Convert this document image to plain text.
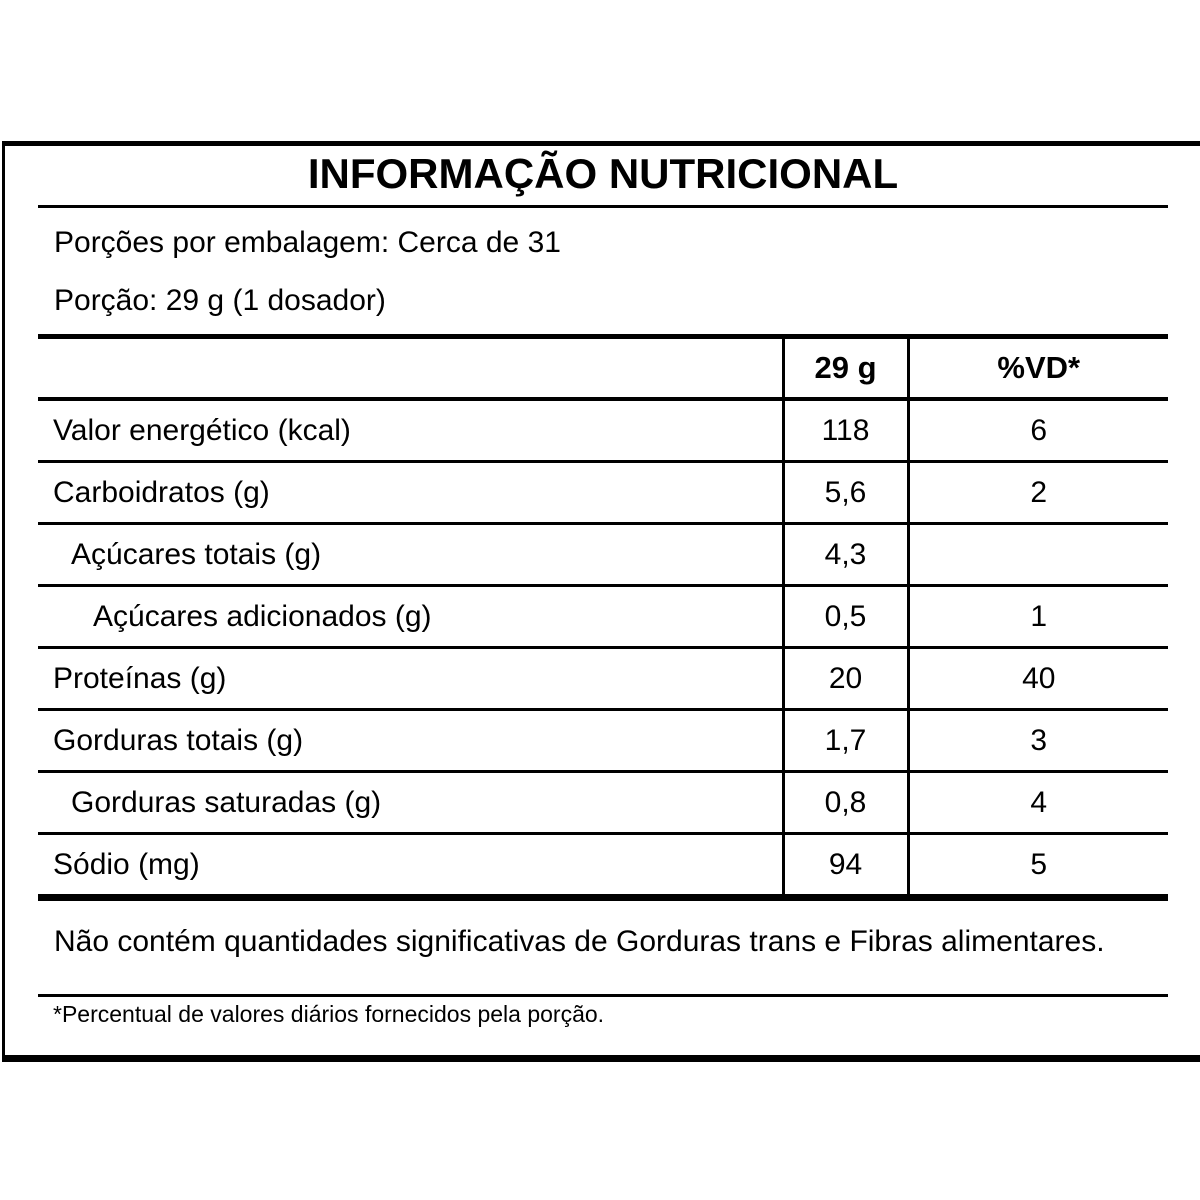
INFORMAÇÃO NUTRICIONAL
Porções por embalagem: Cerca de 31
Porção: 29 g (1 dosador)
	29 g	%VD*
Valor energético (kcal)	118	6
Carboidratos (g)	5,6	2
Açúcares totais (g)	4,3	
Açúcares adicionados (g)	0,5	1
Proteínas (g)	20	40
Gorduras totais (g)	1,7	3
Gorduras saturadas (g)	0,8	4
Sódio (mg)	94	5
Não contém quantidades significativas de Gorduras trans e Fibras alimentares.
*Percentual de valores diários fornecidos pela porção.
